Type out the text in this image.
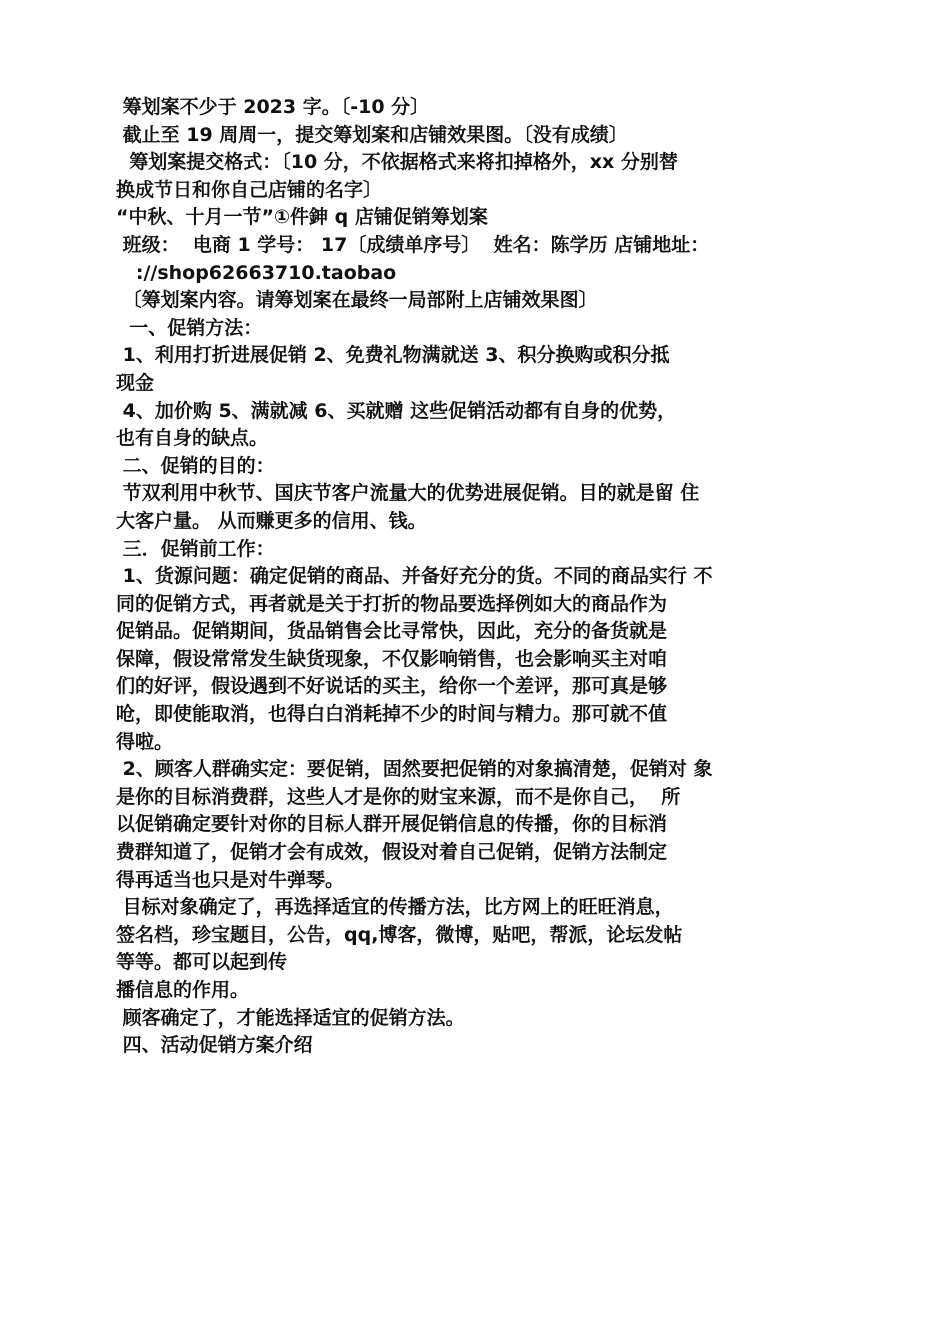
筹划案不少于 2023 字。〔-10 分〕

截止至 19 周周一，提交筹划案和店铺效果图。〔没有成绩〕

筹划案提交格式：〔10 分，不依据格式来将扣掉格外，xx 分别替

换成节日和你自己店铺的名字〕

“中秋、十月一节”①件鉮 q 店铺促销筹划案

班级：  电商 1 学号： 17〔成绩单序号〕  姓名：陈学历 店铺地址：

://shop62663710.taobao

〔筹划案内容。请筹划案在最终一局部附上店铺效果图〕

一、促销方法：

1、利用打折进展促销 2、免费礼物满就送 3、积分换购或积分抵

现金

4、加价购 5、满就减 6、买就赠 这些促销活动都有自身的优势，

也有自身的缺点。

二、促销的目的：

节双利用中秋节、国庆节客户流量大的优势进展促销。目的就是留 住

大客户量。 从而赚更多的信用、钱。

三．促销前工作：

1、货源问题：确定促销的商品、并备好充分的货。不同的商品实行 不

同的促销方式，再者就是关于打折的物品要选择例如大的商品作为

促销品。促销期间，货品销售会比寻常快，因此，充分的备货就是

保障，假设常常发生缺货现象，不仅影响销售，也会影响买主对咱

们的好评，假设遇到不好说话的买主，给你一个差评，那可真是够

呛，即使能取消，也得白白消耗掉不少的时间与精力。那可就不值

得啦。

2、顾客人群确实定：要促销，固然要把促销的对象搞清楚，促销对 象

是你的目标消费群，这些人才是你的财宝来源，而不是你自己，  所

以促销确定要针对你的目标人群开展促销信息的传播，你的目标消

费群知道了，促销才会有成效，假设对着自己促销，促销方法制定

得再适当也只是对牛弹琴。

目标对象确定了，再选择适宜的传播方法，比方网上的旺旺消息，

签名档，珍宝题目，公告，qq,博客，微博，贴吧，帮派，论坛发帖

等等。都可以起到传

播信息的作用。

顾客确定了，才能选择适宜的促销方法。

四、活动促销方案介绍
